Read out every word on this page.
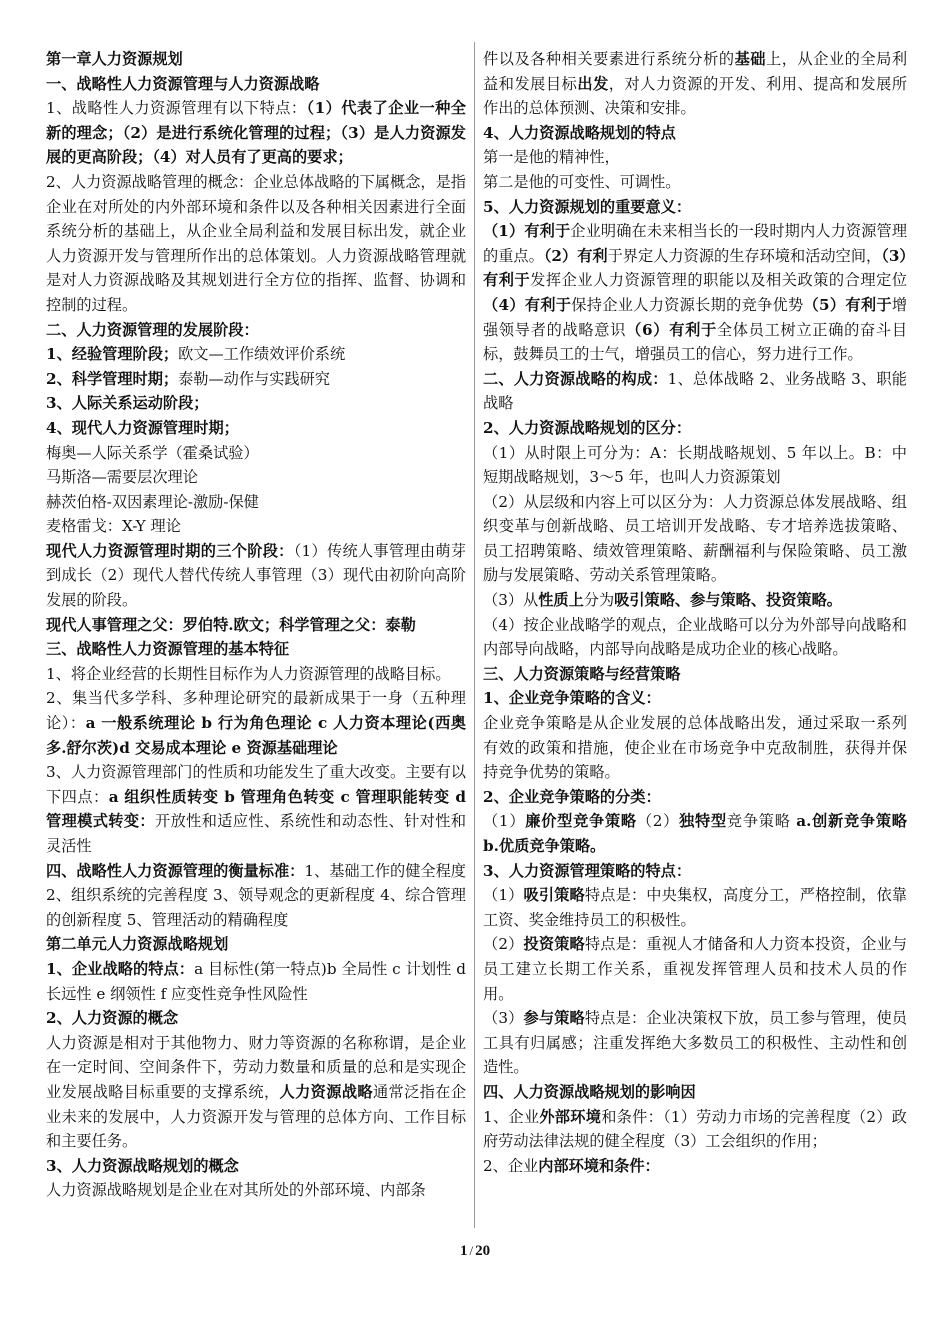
第一章人力资源规划
一、战略性人力资源管理与人力资源战略
1、战略性人力资源管理有以下特点：（1）代表了企业一种全新的理念；（2）是进行系统化管理的过程；（3）是人力资源发展的更高阶段；（4）对人员有了更高的要求；
2、人力资源战略管理的概念：企业总体战略的下属概念，是指企业在对所处的内外部环境和条件以及各种相关因素进行全面系统分析的基础上，从企业全局利益和发展目标出发，就企业人力资源开发与管理所作出的总体策划。人力资源战略管理就是对人力资源战略及其规划进行全方位的指挥、监督、协调和控制的过程。
二、人力资源管理的发展阶段：
1、经验管理阶段；欧文—工作绩效评价系统
2、科学管理时期；泰勒—动作与实践研究
3、人际关系运动阶段；
4、现代人力资源管理时期；
梅奥—人际关系学（霍桑试验）
马斯洛—需要层次理论
赫茨伯格-双因素理论-激励-保健
麦格雷戈：X-Y 理论
现代人力资源管理时期的三个阶段：（1）传统人事管理由萌芽到成长（2）现代人替代传统人事管理（3）现代由初阶向高阶发展的阶段。
现代人事管理之父：罗伯特.欧文；科学管理之父：泰勒
三、战略性人力资源管理的基本特征
1、将企业经营的长期性目标作为人力资源管理的战略目标。
2、集当代多学科、多种理论研究的最新成果于一身（五种理论）：a 一般系统理论 b 行为角色理论 c 人力资本理论(西奥多.舒尔茨)d 交易成本理论 e 资源基础理论
3、人力资源管理部门的性质和功能发生了重大改变。主要有以下四点：a 组织性质转变 b 管理角色转变 c 管理职能转变 d 管理模式转变：开放性和适应性、系统性和动态性、针对性和灵活性
四、战略性人力资源管理的衡量标准：1、基础工作的健全程度 2、组织系统的完善程度 3、领导观念的更新程度 4、综合管理的创新程度 5、管理活动的精确程度
第二单元人力资源战略规划
1、企业战略的特点：a 目标性(第一特点)b 全局性 c 计划性 d 长远性 e 纲领性 f 应变性竞争性风险性
2、人力资源的概念
人力资源是相对于其他物力、财力等资源的名称称谓，是企业在一定时间、空间条件下，劳动力数量和质量的总和是实现企业发展战略目标重要的支撑系统，人力资源战略通常泛指在企业未来的发展中，人力资源开发与管理的总体方向、工作目标和主要任务。
3、人力资源战略规划的概念
人力资源战略规划是企业在对其所处的外部环境、内部条
件以及各种相关要素进行系统分析的基础上，从企业的全局利益和发展目标出发，对人力资源的开发、利用、提高和发展所作出的总体预测、决策和安排。
4、人力资源战略规划的特点
第一是他的精神性，
第二是他的可变性、可调性。
5、人力资源规划的重要意义：
（1）有利于企业明确在未来相当长的一段时期内人力资源管理的重点。（2）有利于界定人力资源的生存环境和活动空间，（3）有利于发挥企业人力资源管理的职能以及相关政策的合理定位（4）有利于保持企业人力资源长期的竞争优势（5）有利于增强领导者的战略意识（6）有利于全体员工树立正确的奋斗目标，鼓舞员工的士气，增强员工的信心，努力进行工作。
二、人力资源战略的构成：1、总体战略 2、业务战略 3、职能战略
2、人力资源战略规划的区分：
（1）从时限上可分为：A：长期战略规划、5 年以上。B：中短期战略规划，3～5 年，也叫人力资源策划
（2）从层级和内容上可以区分为：人力资源总体发展战略、组织变革与创新战略、员工培训开发战略、专才培养选拔策略、员工招聘策略、绩效管理策略、薪酬福利与保险策略、员工激励与发展策略、劳动关系管理策略。
（3）从性质上分为吸引策略、参与策略、投资策略。
（4）按企业战略学的观点，企业战略可以分为外部导向战略和内部导向战略，内部导向战略是成功企业的核心战略。
三、人力资源策略与经营策略
1、企业竞争策略的含义：
企业竞争策略是从企业发展的总体战略出发，通过采取一系列有效的政策和措施，使企业在市场竞争中克敌制胜，获得并保持竞争优势的策略。
2、企业竞争策略的分类：
（1）廉价型竞争策略（2）独特型竞争策略 a.创新竞争策略 b.优质竞争策略。
3、人力资源管理策略的特点：
（1）吸引策略特点是：中央集权，高度分工，严格控制，依靠工资、奖金维持员工的积极性。
（2）投资策略特点是：重视人才储备和人力资本投资，企业与员工建立长期工作关系，重视发挥管理人员和技术人员的作用。
（3）参与策略特点是：企业决策权下放，员工参与管理，使员工具有归属感；注重发挥绝大多数员工的积极性、主动性和创造性。
四、人力资源战略规划的影响因
1、企业外部环境和条件：（1）劳动力市场的完善程度（2）政府劳动法律法规的健全程度（3）工会组织的作用；
2、企业内部环境和条件：
1 / 20
